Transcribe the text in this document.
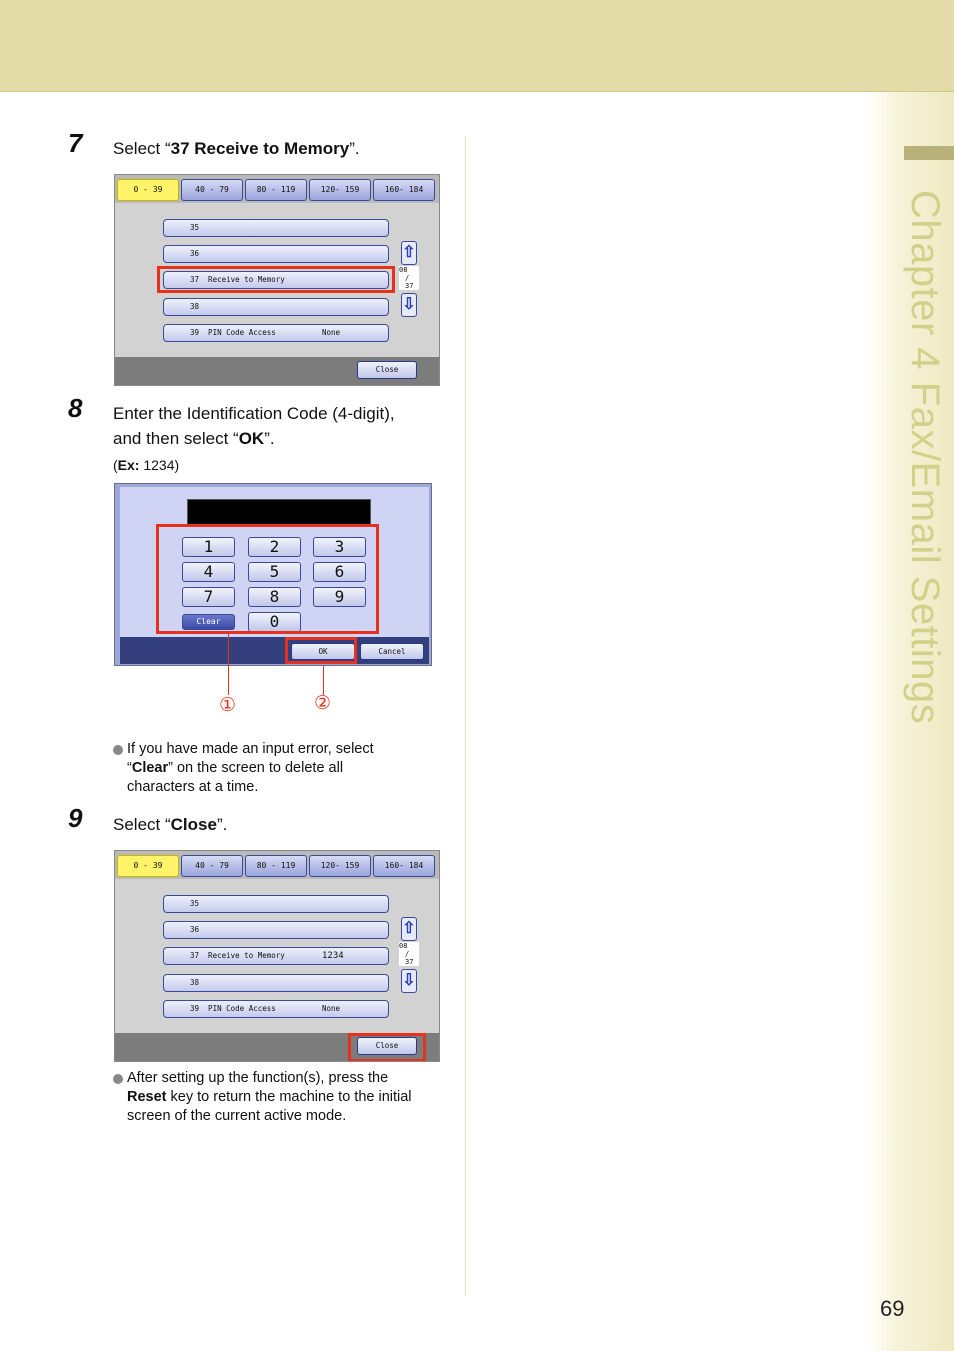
Chapter 4 Fax/Email Settings
69
7 Select “37 Receive to Memory”.
0 - 39	40 - 79	80 - 119	120- 159	160- 184
35
36
37  Receive to Memory
38
39  PIN Code Access	None
⇧
08
/
37
⇩
Close
8 Enter the Identification Code (4-digit),
and then select “OK”.
(Ex: 1234)
1	2	3
4	5	6
7	8	9
Clear	0
OK	Cancel
①	②
If you have made an input error, select
“Clear” on the screen to delete all
characters at a time.
9 Select “Close”.
0 - 39	40 - 79	80 - 119	120- 159	160- 184
35
36
37  Receive to Memory	1234
38
39  PIN Code Access	None
⇧
08
/
37
⇩
Close
After setting up the function(s), press the
Reset key to return the machine to the initial
screen of the current active mode.
